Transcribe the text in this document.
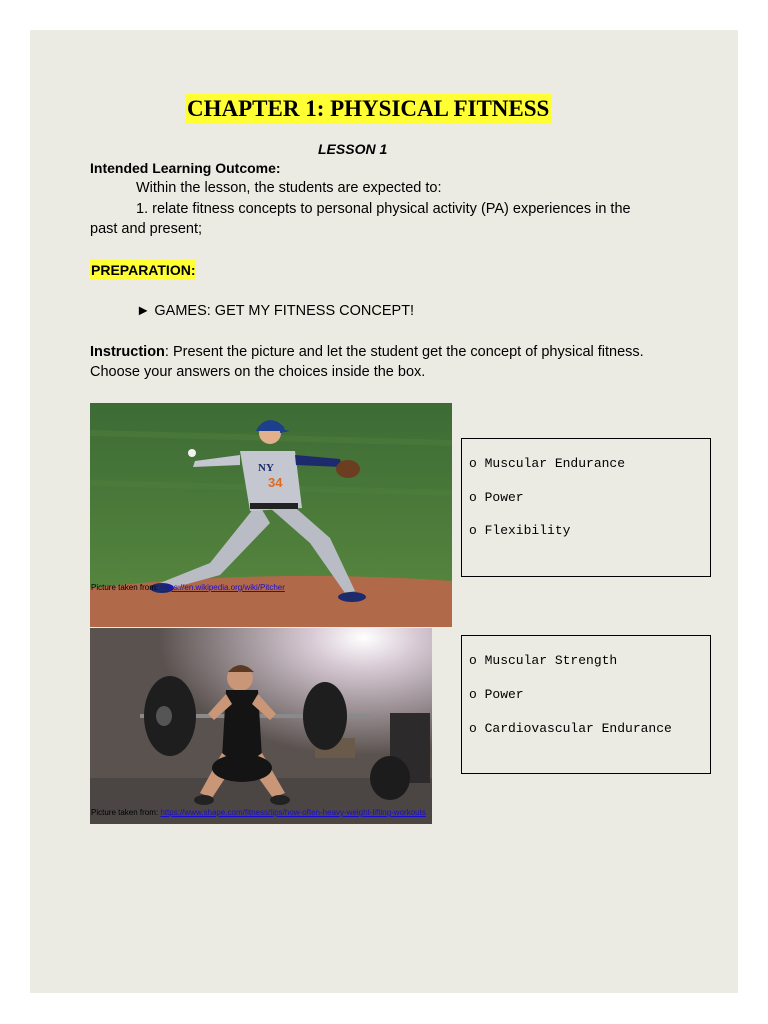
CHAPTER 1: PHYSICAL FITNESS
LESSON 1
Intended Learning Outcome:
Within the lesson, the students are expected to:
1. relate fitness concepts to personal physical activity (PA) experiences in the
past and present;
PREPARATION:
► GAMES: GET MY FITNESS CONCEPT!
Instruction: Present the picture and let the student get the concept of physical fitness. Choose your answers on the choices inside the box.
NY
34
Picture taken from: https://en.wikipedia.org/wiki/Pitcher
Picture taken from: https://www.shape.com/fitness/tips/how-often-heavy-weight-lifting-workouts
o Muscular Endurance
o Power
o Flexibility
o Muscular Strength
o Power
o Cardiovascular Endurance
